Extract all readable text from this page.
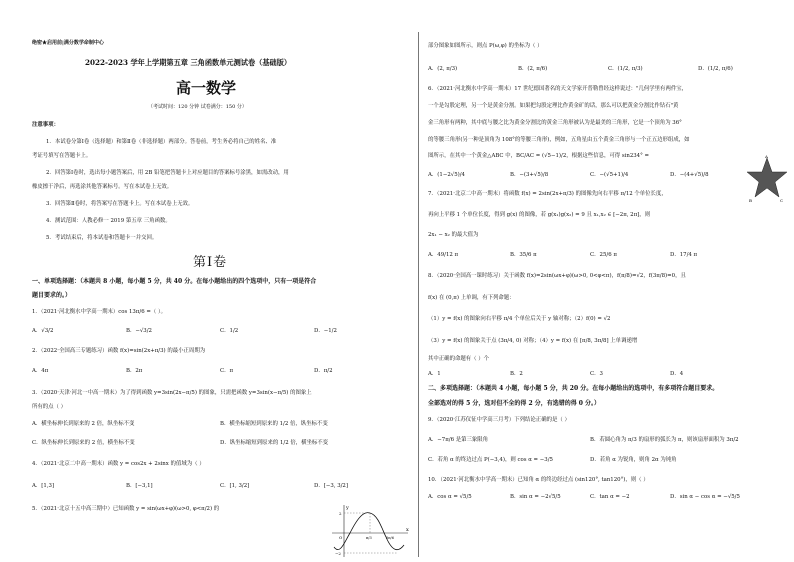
绝密★启用前|满分数学命制中心
2022-2023 学年上学期第五章 三角函数单元测试卷（基础版）
高一数学
（考试时间：120 分钟 试卷满分：150 分）
注意事项：
1．本试卷分第Ⅰ卷（选择题）和第Ⅱ卷（非选择题）两部分。答卷前，考生务必将自己的姓名、准
考证号填写在答题卡上。
2．回答第Ⅰ卷时，选出每小题答案后，用 2B 铅笔把答题卡上对应题目的答案标号涂黑，如需改动，用
橡皮擦干净后，再选涂其他答案标号。写在本试卷上无效。
3．回答第Ⅱ卷时，将答案写在答题卡上。写在本试卷上无效。
4．测试范围：人教必修一 2019 第五章 三角函数。
5．考试结束后，将本试卷和答题卡一并交回。
第Ⅰ卷
一、单项选择题：（本题共 8 小题，每小题 5 分，共 40 分。在每小题给出的四个选项中，只有一项是符合
题目要求的。）
1．（2021·河北衡水中学高一期末）cos 13π/6 =（ ）。
A．√3/2	B．−√3/2	C．1/2	D．−1/2
2．（2022·全国高三专题练习）函数 f(x)=sin(2x+π/3) 的最小正周期为
A．4π	B．2π	C．π	D．π/2
3．（2020·天津·河北一中高一期末）为了得到函数 y=3sin(2x−π/5) 的图象，只需把函数 y=3sin(x−π/5) 的图象上
所有的点（ ）
A．横坐标伸长到原来的 2 倍，纵坐标不变	B．横坐标缩短到原来的 1/2 倍，纵坐标不变
C．纵坐标伸长到原来的 2 倍，横坐标不变	D．纵坐标缩短到原来的 1/2 倍，横坐标不变
4．（2021·北京二中高一期末）函数 y = cos2x + 2sinx 的值域为（ ）
A．[1,3]	B．[−3,1]	C．[1, 3/2]	D．[−3, 3/2]
5．（2021·北京十五中高三期中）已知函数 y = sin(ωx+φ)(ω>0, φ<π/2) 的
x
y
2
−2
O	π/3	5π/6
部分图象如图所示，则点 P(ω,φ) 的坐标为（ ）
A．(2, π/3)	B．(2, π/6)	C．(1/2, π/3)	D．(1/2, π/6)
6．（2021·河北衡水中学高一期末）17 世纪德国著名的天文学家开普勒曾经这样说过："几何学里有两件宝，
一个是勾股定理，另一个是黄金分割。如果把勾股定理比作黄金矿的话，那么可以把黄金分割比作钻石"黄
金三角形有两种，其中底与腰之比为黄金分割比的黄金三角形被认为是最美的三角形，它是一个顶角为 36°
的等腰三角形(另一种是顶角为 108°的等腰三角形)，例如，五角星由五个黄金三角形与一个正五边形组成，如
图所示，在其中一个黄金△ABC 中，BC/AC = (√5−1)/2，根据这些信息，可得 sin234° =
A．(1−2√5)/4	B．−(3+√5)/8	C．−(√5+1)/4	D．−(4+√5)/8
A
B	C
7．（2021·北京二中高一期末）将函数 f(x) = 2sin(2x+π/3) 的图像先向右平移 π/12 个单位长度，
再向上平移 1 个单位长度，得到 g(x) 的图像，若 g(x₁)g(x₂) = 9 且 x₁,x₂ ∈ [−2π, 2π]，则
2x₁ − x₂ 的最大值为
A．49/12 π	B．35/6 π	C．25/6 π	D．17/4 π
8．（2020·全国高一课时练习）关于函数 f(x)=2sin(ωx+φ)(ω>0, 0<φ<π)，f(π/8)=√2，f(3π/8)=0，且
f(x) 在 (0,π) 上单调，有下列命题：
（1）y = f(x) 的图象向右平移 π/4 个单位后关于 y 轴对称；（2）f(0) = √2
（3）y = f(x) 的图象关于点 (3π/4, 0) 对称；（4）y = f(x) 在 [π/8, 3π/8] 上单调递增
其中正确的命题有（ ）个
A．1	B．2	C．3	D．4
二、多项选择题：（本题共 4 小题，每小题 5 分，共 20 分。在每小题给出的选项中，有多项符合题目要求。
全部选对的得 5 分，选对但不全的得 2 分，有选错的得 0 分。）
9．（2020·江苏仪征中学高三月考）下列结论正确的是（ ）
A．−7π/6 是第三象限角	B．若圆心角为 π/3 的扇形的弧长为 π，则该扇形面积为 3π/2
C．若角 α 的终边过点 P(−3,4)，则 cos α = −3/5	D．若角 α 为锐角，则角 2α 为钝角
10．（2021·河北衡水中学高一期末）已知角 α 的终边经过点 (sin120°, tan120°)，则（ ）
A．cos α = √5/5	B．sin α = −2√5/5	C．tan α = −2	D．sin α − cos α = −√5/5
